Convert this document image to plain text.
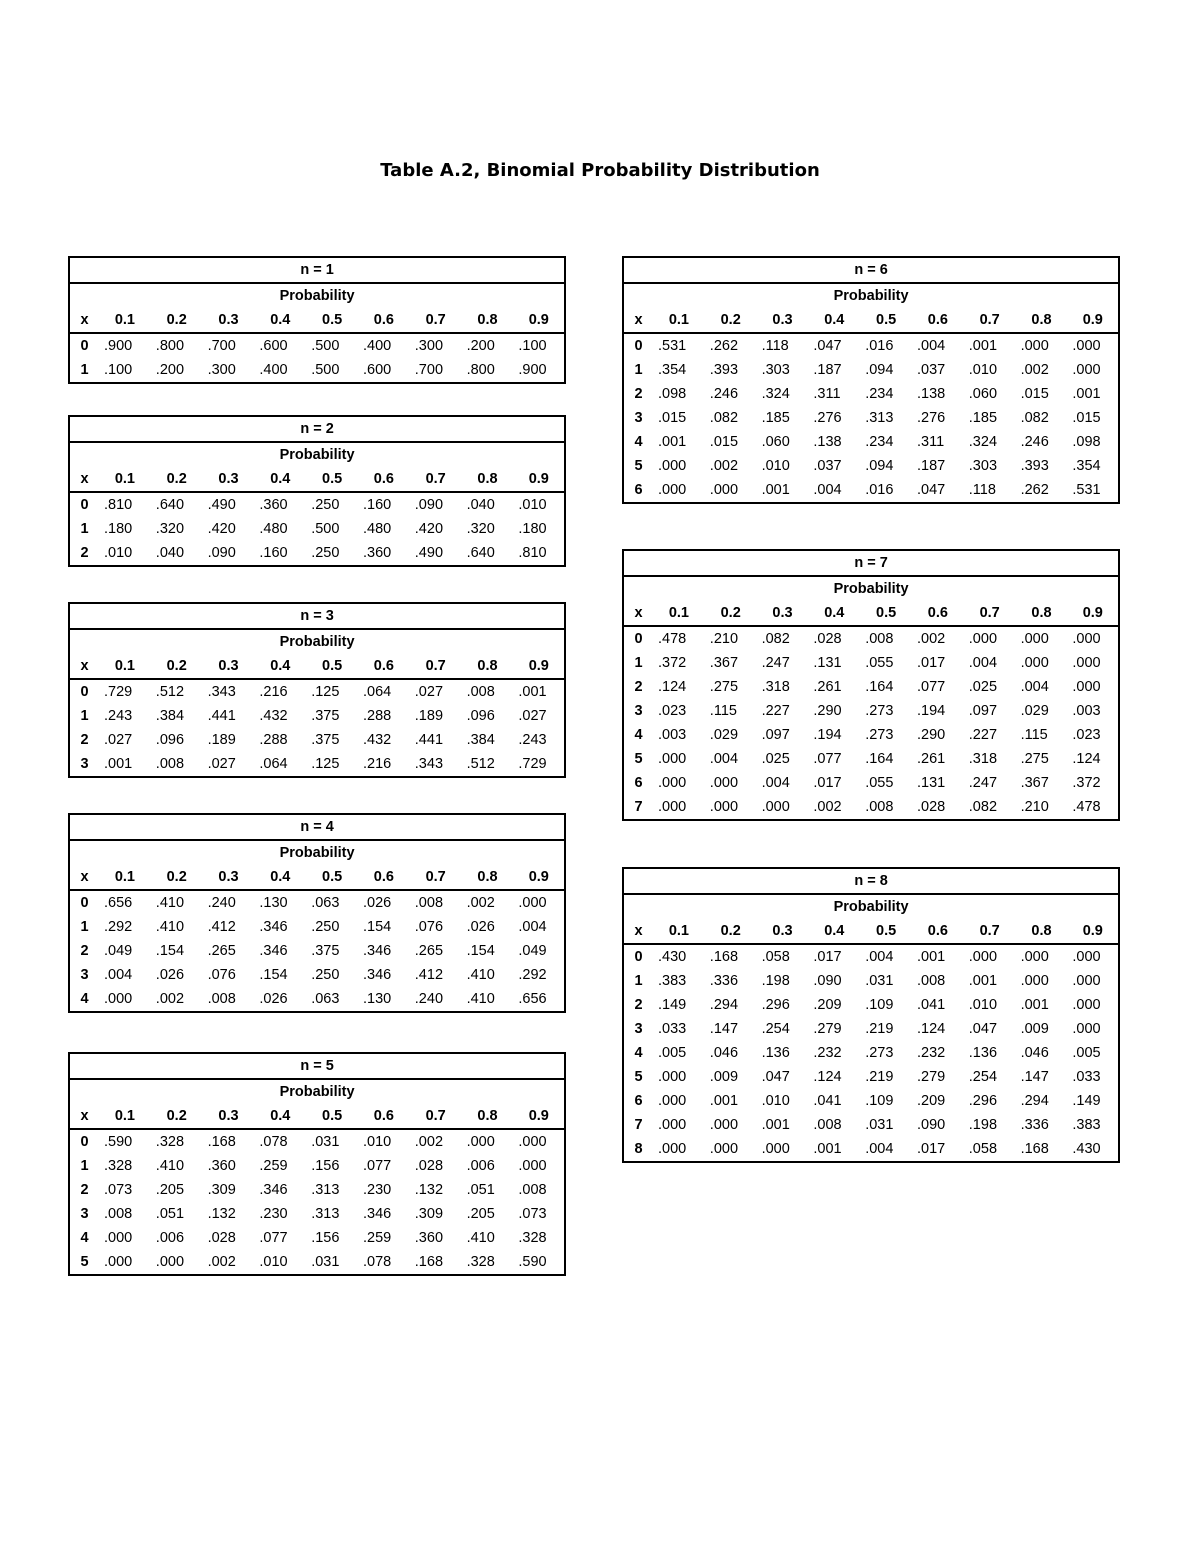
Table A.2, Binomial Probability Distribution
n = 1									
Probability									
x	0.1	0.2	0.3	0.4	0.5	0.6	0.7	0.8	0.9
0	.900	.800	.700	.600	.500	.400	.300	.200	.100
1	.100	.200	.300	.400	.500	.600	.700	.800	.900
n = 2									
Probability									
x	0.1	0.2	0.3	0.4	0.5	0.6	0.7	0.8	0.9
0	.810	.640	.490	.360	.250	.160	.090	.040	.010
1	.180	.320	.420	.480	.500	.480	.420	.320	.180
2	.010	.040	.090	.160	.250	.360	.490	.640	.810
n = 3									
Probability									
x	0.1	0.2	0.3	0.4	0.5	0.6	0.7	0.8	0.9
0	.729	.512	.343	.216	.125	.064	.027	.008	.001
1	.243	.384	.441	.432	.375	.288	.189	.096	.027
2	.027	.096	.189	.288	.375	.432	.441	.384	.243
3	.001	.008	.027	.064	.125	.216	.343	.512	.729
n = 4									
Probability									
x	0.1	0.2	0.3	0.4	0.5	0.6	0.7	0.8	0.9
0	.656	.410	.240	.130	.063	.026	.008	.002	.000
1	.292	.410	.412	.346	.250	.154	.076	.026	.004
2	.049	.154	.265	.346	.375	.346	.265	.154	.049
3	.004	.026	.076	.154	.250	.346	.412	.410	.292
4	.000	.002	.008	.026	.063	.130	.240	.410	.656
n = 5									
Probability									
x	0.1	0.2	0.3	0.4	0.5	0.6	0.7	0.8	0.9
0	.590	.328	.168	.078	.031	.010	.002	.000	.000
1	.328	.410	.360	.259	.156	.077	.028	.006	.000
2	.073	.205	.309	.346	.313	.230	.132	.051	.008
3	.008	.051	.132	.230	.313	.346	.309	.205	.073
4	.000	.006	.028	.077	.156	.259	.360	.410	.328
5	.000	.000	.002	.010	.031	.078	.168	.328	.590
n = 6									
Probability									
x	0.1	0.2	0.3	0.4	0.5	0.6	0.7	0.8	0.9
0	.531	.262	.118	.047	.016	.004	.001	.000	.000
1	.354	.393	.303	.187	.094	.037	.010	.002	.000
2	.098	.246	.324	.311	.234	.138	.060	.015	.001
3	.015	.082	.185	.276	.313	.276	.185	.082	.015
4	.001	.015	.060	.138	.234	.311	.324	.246	.098
5	.000	.002	.010	.037	.094	.187	.303	.393	.354
6	.000	.000	.001	.004	.016	.047	.118	.262	.531
n = 7									
Probability									
x	0.1	0.2	0.3	0.4	0.5	0.6	0.7	0.8	0.9
0	.478	.210	.082	.028	.008	.002	.000	.000	.000
1	.372	.367	.247	.131	.055	.017	.004	.000	.000
2	.124	.275	.318	.261	.164	.077	.025	.004	.000
3	.023	.115	.227	.290	.273	.194	.097	.029	.003
4	.003	.029	.097	.194	.273	.290	.227	.115	.023
5	.000	.004	.025	.077	.164	.261	.318	.275	.124
6	.000	.000	.004	.017	.055	.131	.247	.367	.372
7	.000	.000	.000	.002	.008	.028	.082	.210	.478
n = 8									
Probability									
x	0.1	0.2	0.3	0.4	0.5	0.6	0.7	0.8	0.9
0	.430	.168	.058	.017	.004	.001	.000	.000	.000
1	.383	.336	.198	.090	.031	.008	.001	.000	.000
2	.149	.294	.296	.209	.109	.041	.010	.001	.000
3	.033	.147	.254	.279	.219	.124	.047	.009	.000
4	.005	.046	.136	.232	.273	.232	.136	.046	.005
5	.000	.009	.047	.124	.219	.279	.254	.147	.033
6	.000	.001	.010	.041	.109	.209	.296	.294	.149
7	.000	.000	.001	.008	.031	.090	.198	.336	.383
8	.000	.000	.000	.001	.004	.017	.058	.168	.430
